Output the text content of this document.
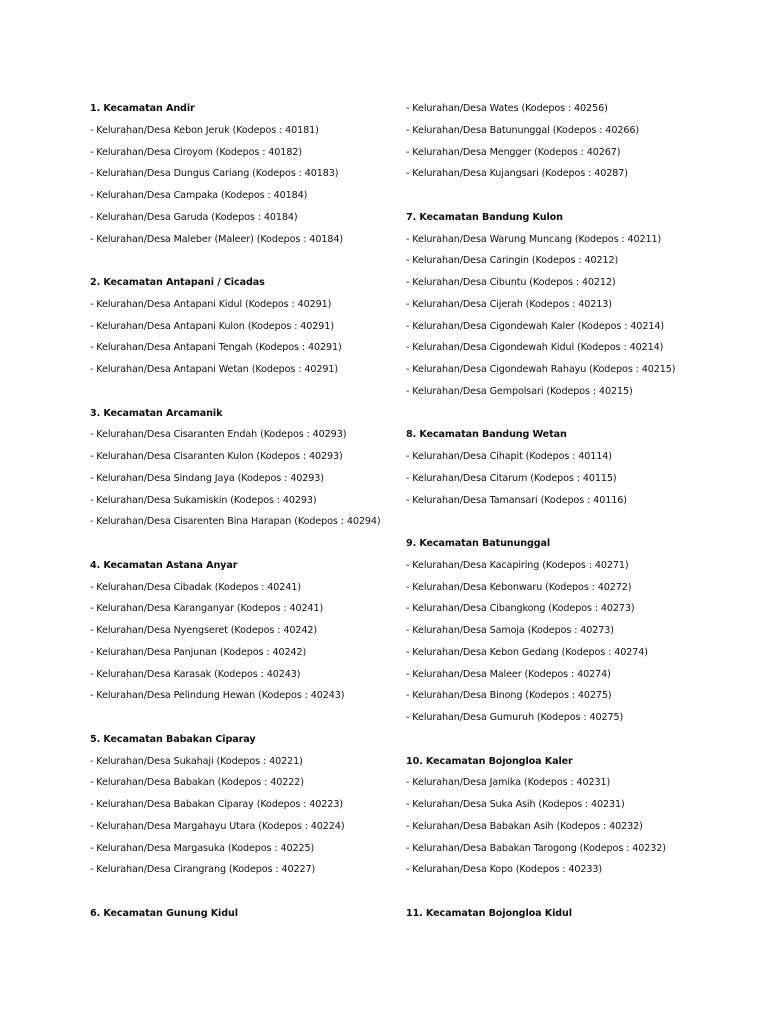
1. Kecamatan Andir
- Kelurahan/Desa Kebon Jeruk (Kodepos : 40181)
- Kelurahan/Desa Ciroyom (Kodepos : 40182)
- Kelurahan/Desa Dungus Cariang (Kodepos : 40183)
- Kelurahan/Desa Campaka (Kodepos : 40184)
- Kelurahan/Desa Garuda (Kodepos : 40184)
- Kelurahan/Desa Maleber (Maleer) (Kodepos : 40184)
2. Kecamatan Antapani / Cicadas
- Kelurahan/Desa Antapani Kidul (Kodepos : 40291)
- Kelurahan/Desa Antapani Kulon (Kodepos : 40291)
- Kelurahan/Desa Antapani Tengah (Kodepos : 40291)
- Kelurahan/Desa Antapani Wetan (Kodepos : 40291)
3. Kecamatan Arcamanik
- Kelurahan/Desa Cisaranten Endah (Kodepos : 40293)
- Kelurahan/Desa Cisaranten Kulon (Kodepos : 40293)
- Kelurahan/Desa Sindang Jaya (Kodepos : 40293)
- Kelurahan/Desa Sukamiskin (Kodepos : 40293)
- Kelurahan/Desa Cisarenten Bina Harapan (Kodepos : 40294)
4. Kecamatan Astana Anyar
- Kelurahan/Desa Cibadak (Kodepos : 40241)
- Kelurahan/Desa Karanganyar (Kodepos : 40241)
- Kelurahan/Desa Nyengseret (Kodepos : 40242)
- Kelurahan/Desa Panjunan (Kodepos : 40242)
- Kelurahan/Desa Karasak (Kodepos : 40243)
- Kelurahan/Desa Pelindung Hewan (Kodepos : 40243)
5. Kecamatan Babakan Ciparay
- Kelurahan/Desa Sukahaji (Kodepos : 40221)
- Kelurahan/Desa Babakan (Kodepos : 40222)
- Kelurahan/Desa Babakan Ciparay (Kodepos : 40223)
- Kelurahan/Desa Margahayu Utara (Kodepos : 40224)
- Kelurahan/Desa Margasuka (Kodepos : 40225)
- Kelurahan/Desa Cirangrang (Kodepos : 40227)
6. Kecamatan Gunung Kidul
- Kelurahan/Desa Wates (Kodepos : 40256)
- Kelurahan/Desa Batununggal (Kodepos : 40266)
- Kelurahan/Desa Mengger (Kodepos : 40267)
- Kelurahan/Desa Kujangsari (Kodepos : 40287)
7. Kecamatan Bandung Kulon
- Kelurahan/Desa Warung Muncang (Kodepos : 40211)
- Kelurahan/Desa Caringin (Kodepos : 40212)
- Kelurahan/Desa Cibuntu (Kodepos : 40212)
- Kelurahan/Desa Cijerah (Kodepos : 40213)
- Kelurahan/Desa Cigondewah Kaler (Kodepos : 40214)
- Kelurahan/Desa Cigondewah Kidul (Kodepos : 40214)
- Kelurahan/Desa Cigondewah Rahayu (Kodepos : 40215)
- Kelurahan/Desa Gempolsari (Kodepos : 40215)
8. Kecamatan Bandung Wetan
- Kelurahan/Desa Cihapit (Kodepos : 40114)
- Kelurahan/Desa Citarum (Kodepos : 40115)
- Kelurahan/Desa Tamansari (Kodepos : 40116)
9. Kecamatan Batununggal
- Kelurahan/Desa Kacapiring (Kodepos : 40271)
- Kelurahan/Desa Kebonwaru (Kodepos : 40272)
- Kelurahan/Desa Cibangkong (Kodepos : 40273)
- Kelurahan/Desa Samoja (Kodepos : 40273)
- Kelurahan/Desa Kebon Gedang (Kodepos : 40274)
- Kelurahan/Desa Maleer (Kodepos : 40274)
- Kelurahan/Desa Binong (Kodepos : 40275)
- Kelurahan/Desa Gumuruh (Kodepos : 40275)
10. Kecamatan Bojongloa Kaler
- Kelurahan/Desa Jamika (Kodepos : 40231)
- Kelurahan/Desa Suka Asih (Kodepos : 40231)
- Kelurahan/Desa Babakan Asih (Kodepos : 40232)
- Kelurahan/Desa Babakan Tarogong (Kodepos : 40232)
- Kelurahan/Desa Kopo (Kodepos : 40233)
11. Kecamatan Bojongloa Kidul
